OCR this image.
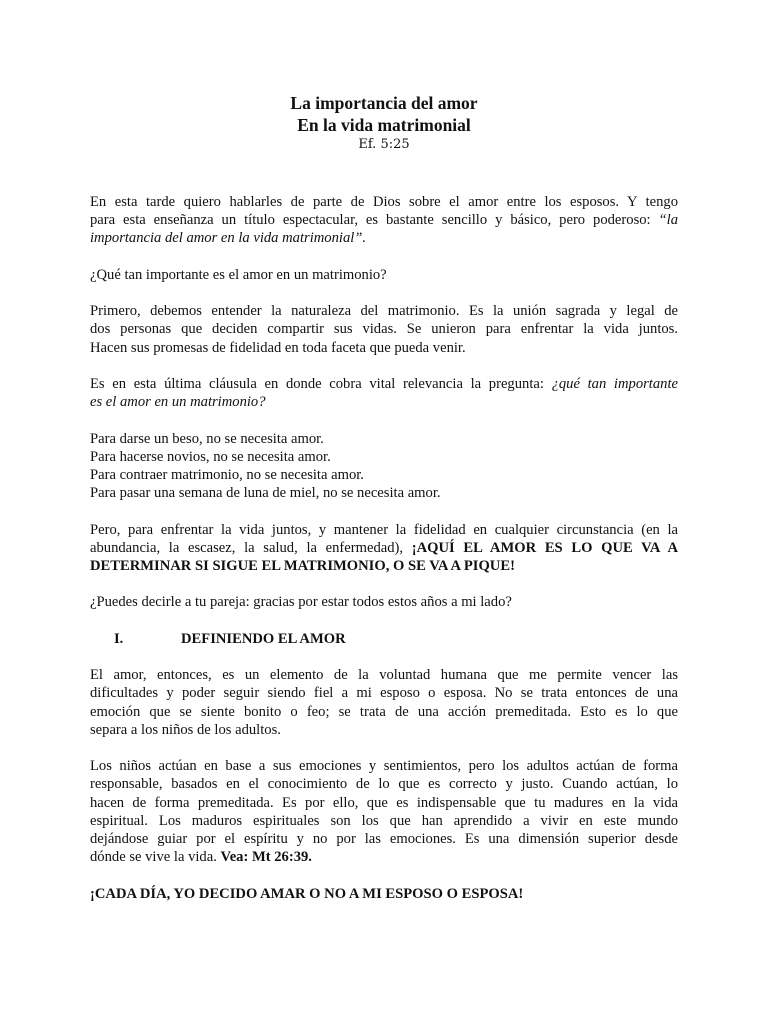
La importancia del amor
En la vida matrimonial
Ef. 5:25

En esta tarde quiero hablarles de parte de Dios sobre el amor entre los esposos. Y tengo
para esta enseñanza un título espectacular, es bastante sencillo y básico, pero poderoso: “la
importancia del amor en la vida matrimonial”.

¿Qué tan importante es el amor en un matrimonio?

Primero, debemos entender la naturaleza del matrimonio. Es la unión sagrada y legal de
dos personas que deciden compartir sus vidas. Se unieron para enfrentar la vida juntos.
Hacen sus promesas de fidelidad en toda faceta que pueda venir.

Es en esta última cláusula en donde cobra vital relevancia la pregunta: ¿qué tan importante
es el amor en un matrimonio?

Para darse un beso, no se necesita amor.
Para hacerse novios, no se necesita amor.
Para contraer matrimonio, no se necesita amor.
Para pasar una semana de luna de miel, no se necesita amor.

Pero, para enfrentar la vida juntos, y mantener la fidelidad en cualquier circunstancia (en la
abundancia, la escasez, la salud, la enfermedad), ¡AQUÍ EL AMOR ES LO QUE VA A
DETERMINAR SI SIGUE EL MATRIMONIO, O SE VA A PIQUE!

¿Puedes decirle a tu pareja: gracias por estar todos estos años a mi lado?

I.	DEFINIENDO EL AMOR

El amor, entonces, es un elemento de la voluntad humana que me permite vencer las
dificultades y poder seguir siendo fiel a mi esposo o esposa. No se trata entonces de una
emoción que se siente bonito o feo; se trata de una acción premeditada. Esto es lo que
separa a los niños de los adultos.

Los niños actúan en base a sus emociones y sentimientos, pero los adultos actúan de forma
responsable, basados en el conocimiento de lo que es correcto y justo. Cuando actúan, lo
hacen de forma premeditada. Es por ello, que es indispensable que tu madures en la vida
espiritual. Los maduros espirituales son los que han aprendido a vivir en este mundo
dejándose guiar por el espíritu y no por las emociones. Es una dimensión superior desde
dónde se vive la vida. Vea: Mt 26:39.

¡CADA DÍA, YO DECIDO AMAR O NO A MI ESPOSO O ESPOSA!
